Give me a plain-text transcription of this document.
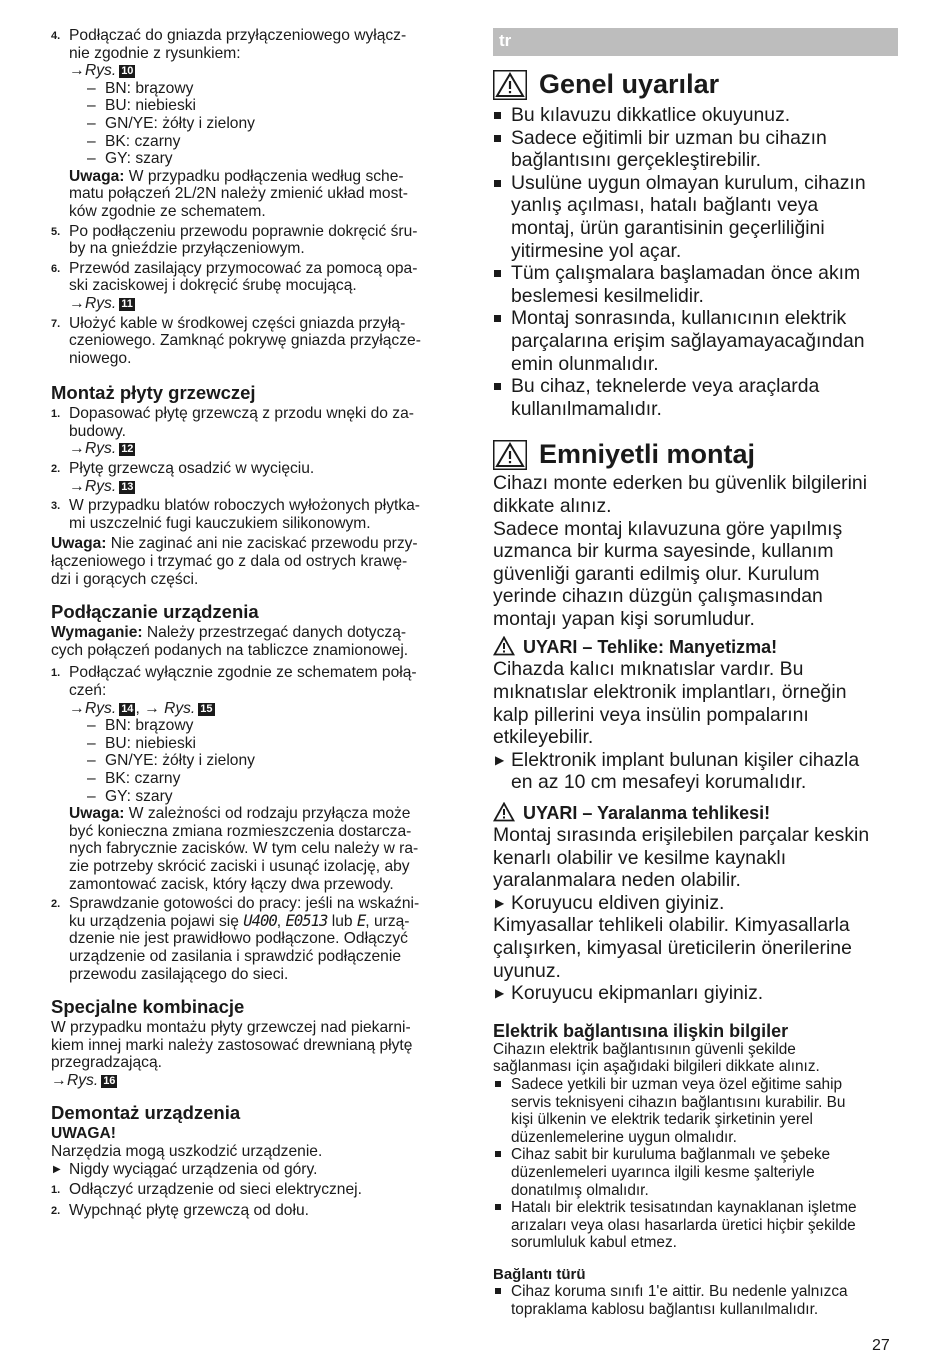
4. Podłączać do gniazda przyłączeniowego wyłącz-
nie zgodnie z rysunkiem:
→Rys. 10
– BN: brązowy
– BU: niebieski
– GN/YE: żółty i zielony
– BK: czarny
– GY: szary
Uwaga: W przypadku podłączenia według sche-
matu połączeń 2L/2N należy zmienić układ most-
ków zgodnie ze schematem.
5. Po podłączeniu przewodu poprawnie dokręcić śru-
by na gnieździe przyłączeniowym.
6. Przewód zasilający przymocować za pomocą opa-
ski zaciskowej i dokręcić śrubę mocującą.
→Rys. 11
7. Ułożyć kable w środkowej części gniazda przyłą-
czeniowego. Zamknąć pokrywę gniazda przyłącze-
niowego.
Montaż płyty grzewczej
1. Dopasować płytę grzewczą z przodu wnęki do za-
budowy.
→Rys. 12
2. Płytę grzewczą osadzić w wycięciu.
→Rys. 13
3. W przypadku blatów roboczych wyłożonych płytka-
mi uszczelnić fugi kauczukiem silikonowym.
Uwaga: Nie zaginać ani nie zaciskać przewodu przy-
łączeniowego i trzymać go z dala od ostrych krawę-
dzi i gorących części.
Podłączanie urządzenia
Wymaganie: Należy przestrzegać danych dotyczą-
cych połączeń podanych na tabliczce znamionowej.
1. Podłączać wyłącznie zgodnie ze schematem połą-
czeń:
→Rys. 14 , → Rys. 15
– BN: brązowy
– BU: niebieski
– GN/YE: żółty i zielony
– BK: czarny
– GY: szary
Uwaga: W zależności od rodzaju przyłącza może
być konieczna zmiana rozmieszczenia dostarcza-
nych fabrycznie zacisków. W tym celu należy w ra-
zie potrzeby skrócić zaciski i usunąć izolację, aby
zamontować zacisk, który łączy dwa przewody.
2. Sprawdzanie gotowości do pracy: jeśli na wskaźni-
ku urządzenia pojawi się U400, E0513 lub E, urzą-
dzenie nie jest prawidłowo podłączone. Odłączyć
urządzenie od zasilania i sprawdzić podłączenie
przewodu zasilającego do sieci.
Specjalne kombinacje
W przypadku montażu płyty grzewczej nad piekarni-
kiem innej marki należy zastosować drewnianą płytę
przegradzającą.
→Rys. 16
Demontaż urządzenia
UWAGA!
Narzędzia mogą uszkodzić urządzenie.
▶ Nigdy wyciągać urządzenia od góry.
1. Odłączyć urządzenie od sieci elektrycznej.
2. Wypchnąć płytę grzewczą od dołu.
tr
Genel uyarılar
Bu kılavuzu dikkatlice okuyunuz.
Sadece eğitimli bir uzman bu cihazın
bağlantısını gerçekleştirebilir.
Usulüne uygun olmayan kurulum, cihazın
yanlış açılması, hatalı bağlantı veya
montaj, ürün garantisinin geçerliliğini
yitirmesine yol açar.
Tüm çalışmalara başlamadan önce akım
beslemesi kesilmelidir.
Montaj sonrasında, kullanıcının elektrik
parçalarına erişim sağlayamayacağından
emin olunmalıdır.
Bu cihaz, teknelerde veya araçlarda
kullanılmamalıdır.
Emniyetli montaj
Cihazı monte ederken bu güvenlik bilgilerini
dikkate alınız.
Sadece montaj kılavuzuna göre yapılmış
uzmanca bir kurma sayesinde, kullanım
güvenliği garanti edilmiş olur. Kurulum
yerinde cihazın düzgün çalışmasından
montajı yapan kişi sorumludur.
UYARI – Tehlike: Manyetizma!
Cihazda kalıcı mıknatıslar vardır. Bu
mıknatıslar elektronik implantları, örneğin
kalp pillerini veya insülin pompalarını
etkileyebilir.
▶ Elektronik implant bulunan kişiler cihazla
en az 10 cm mesafeyi korumalıdır.
UYARI – Yaralanma tehlikesi!
Montaj sırasında erişilebilen parçalar keskin
kenarlı olabilir ve kesilme kaynaklı
yaralanmalara neden olabilir.
▶ Koruyucu eldiven giyiniz.
Kimyasallar tehlikeli olabilir. Kimyasallarla
çalışırken, kimyasal üreticilerin önerilerine
uyunuz.
▶ Koruyucu ekipmanları giyiniz.
Elektrik bağlantısına ilişkin bilgiler
Cihazın elektrik bağlantısının güvenli şekilde
sağlanması için aşağıdaki bilgileri dikkate alınız.
Sadece yetkili bir uzman veya özel eğitime sahip
servis teknisyeni cihazın bağlantısını kurabilir. Bu
kişi ülkenin ve elektrik tedarik şirketinin yerel
düzenlemelerine uygun olmalıdır.
Cihaz sabit bir kuruluma bağlanmalı ve şebeke
düzenlemeleri uyarınca ilgili kesme şalteriyle
donatılmış olmalıdır.
Hatalı bir elektrik tesisatından kaynaklanan işletme
arızaları veya olası hasarlarda üretici hiçbir şekilde
sorumluluk kabul etmez.
Bağlantı türü
Cihaz koruma sınıfı 1'e aittir. Bu nedenle yalnızca
topraklama kablosu bağlantısı kullanılmalıdır.
27
